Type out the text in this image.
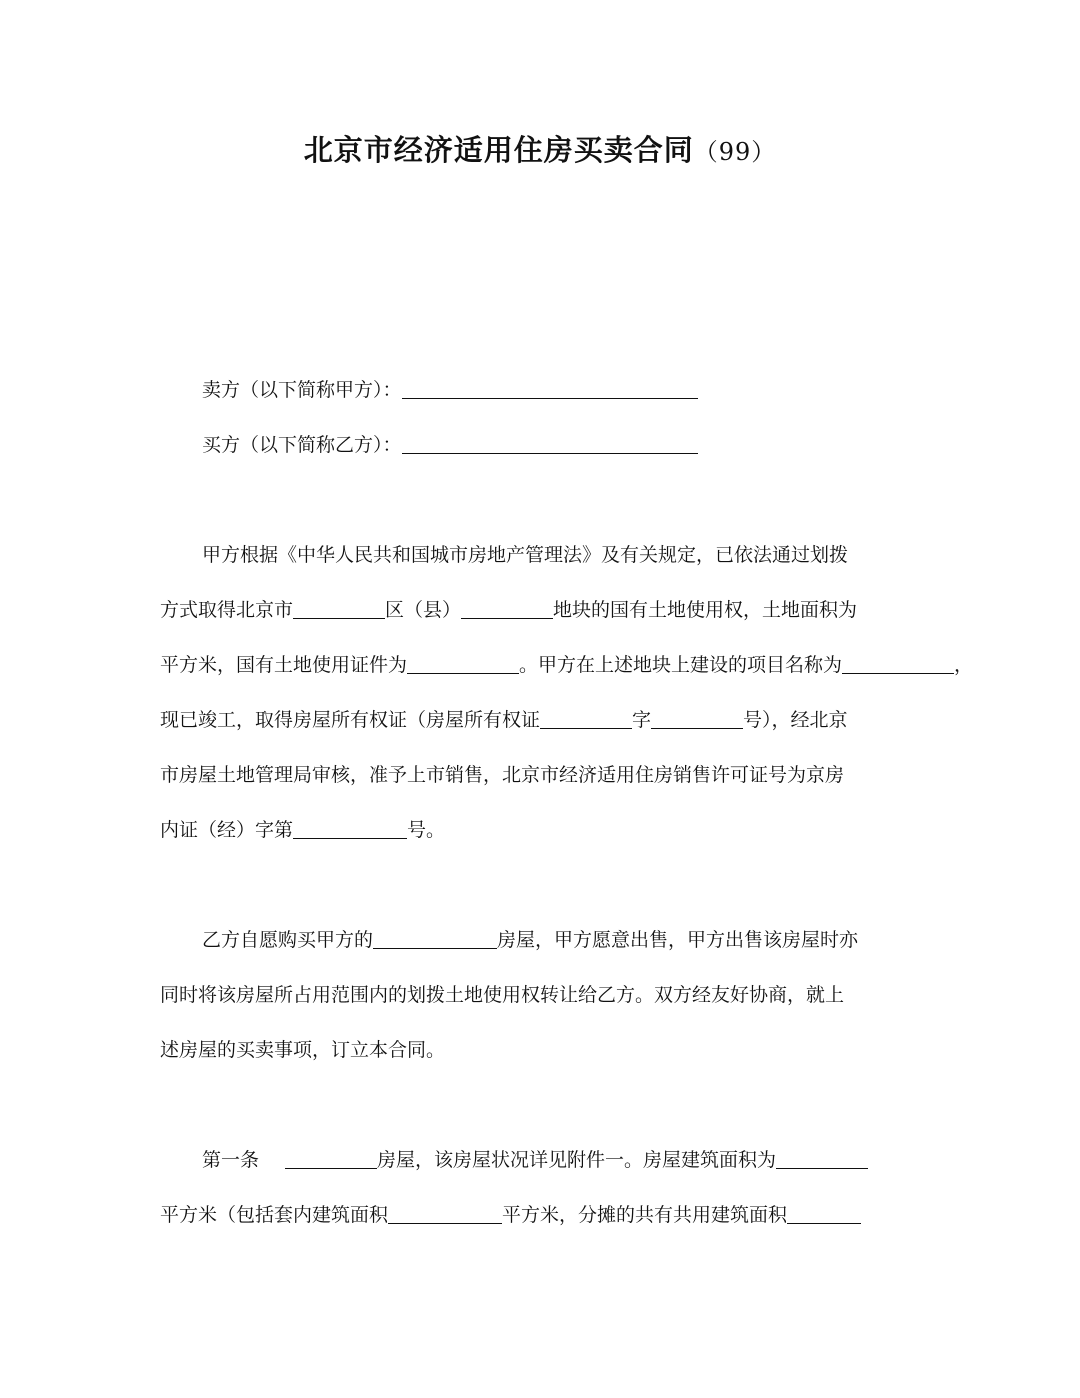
北京市经济适用住房买卖合同（99）
卖方（以下简称甲方）：
买方（以下简称乙方）：
甲方根据《中华人民共和国城市房地产管理法》及有关规定，已依法通过划拨
方式取得北京市	区（县）	地块的国有土地使用权，土地面积为
平方米，国有土地使用证件为	。甲方在上述地块上建设的项目名称为	，
现已竣工，取得房屋所有权证（房屋所有权证	字	号），经北京
市房屋土地管理局审核，准予上市销售，北京市经济适用住房销售许可证号为京房
内证（经）字第	号。
乙方自愿购买甲方的	房屋，甲方愿意出售，甲方出售该房屋时亦
同时将该房屋所占用范围内的划拨土地使用权转让给乙方。双方经友好协商，就上
述房屋的买卖事项，订立本合同。
第一条	房屋，该房屋状况详见附件一。房屋建筑面积为
平方米（包括套内建筑面积	平方米，分摊的共有共用建筑面积
